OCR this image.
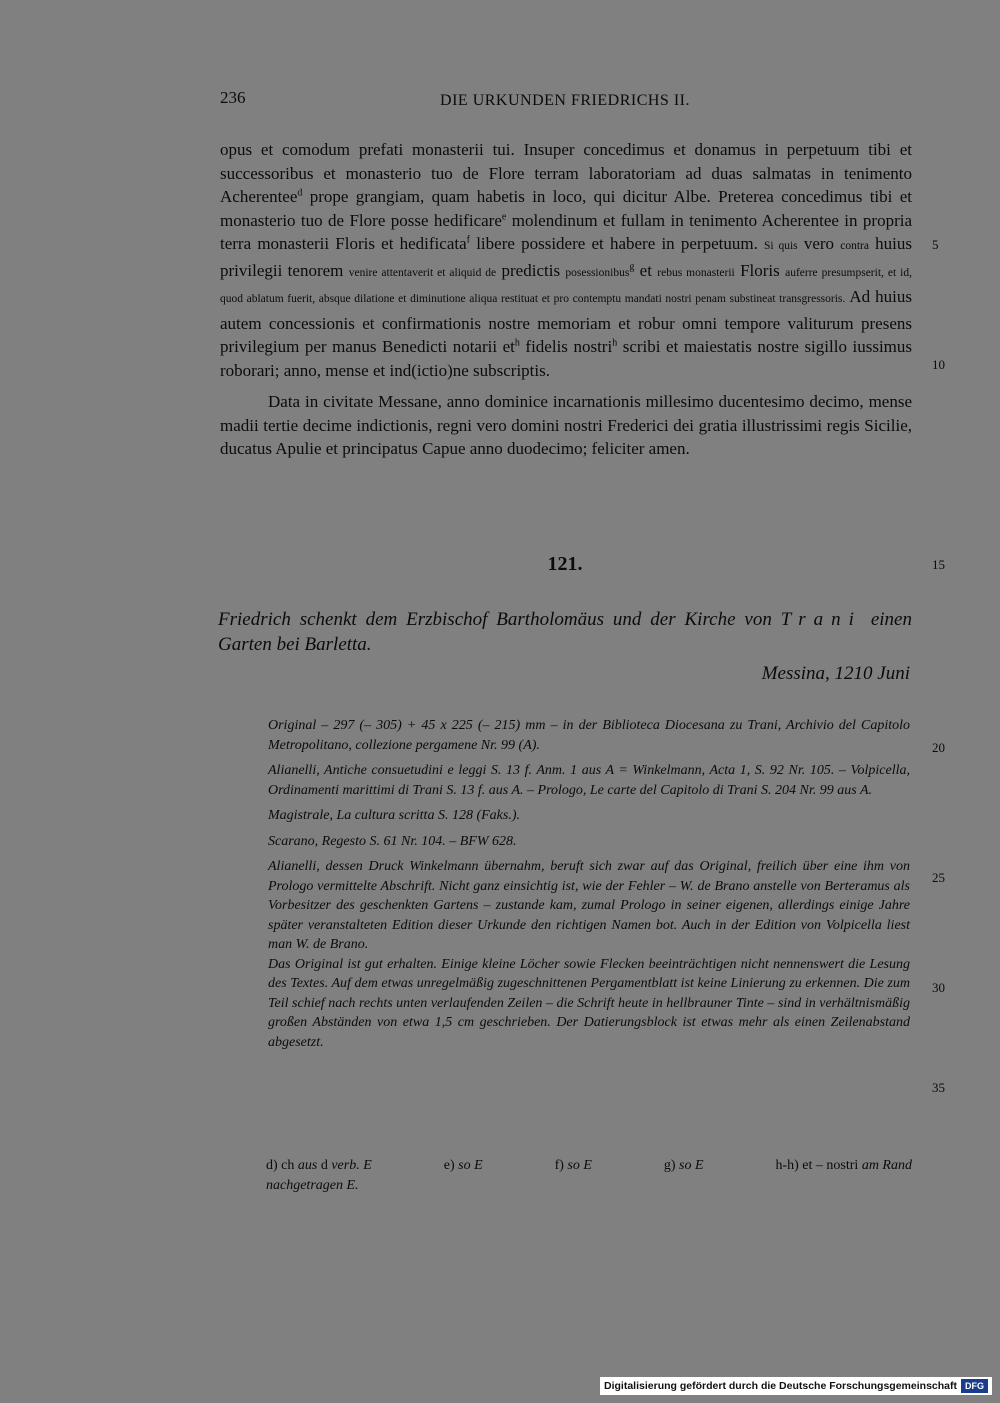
236	DIE URKUNDEN FRIEDRICHS II.

opus et comodum prefati monasterii tui. Insuper concedimus et donamus in perpetuum tibi et successoribus et monasterio tuo de Flore terram laboratoriam ad duas salmatas in tenimento Acherentee$^d$ prope grangiam, quam habetis in loco, qui dicitur Albe. Preterea concedimus tibi et monasterio tuo de Flore posse hedificare$^e$ molendinum et fullam in tenimento Acherentee in propria terra monasterii Floris et hedificata$^f$ libere possidere et habere in perpetuum. Si quis vero contra huius privilegii tenorem venire attentaverit et aliquid de predictis posessionibus$^g$ et rebus monasterii Floris auferre presumpserit, et id, quod ablatum fuerit, absque dilatione et diminutione aliqua restituat et pro contemptu mandati nostri penam substineat transgressoris. Ad huius autem concessionis et confirmationis nostre memoriam et robur omni tempore valiturum presens privilegium per manus Benedicti notarii $et^h$ fidelis nostri$^h$ scribi et maiestatis nostre sigillo iussimus roborari; anno, mense et ind(ictio)ne subscriptis.

Data in civitate Messane, anno dominice incarnationis millesimo ducentesimo decimo, mense madii tertie decime indictionis, regni vero domini nostri Frederici dei gratia illustrissimi regis Sicilie, ducatus Apulie et principatus Capue anno duodecimo; feliciter amen.

5
10
15
20
25
30
35
121.
Friedrich schenkt dem Erzbischof Bartholomäus und der Kirche von Trani einen Garten bei Barletta.
Messina, 1210 Juni

Original – 297 (– 305) + 45 x 225 (– 215) mm – in der Biblioteca Diocesana zu Trani, Archivio del Capitolo Metropolitano, collezione pergamene Nr. 99 (A).

Alianelli, Antiche consuetudini e leggi S. 13 f. Anm. 1 aus A = Winkelmann, Acta 1, S. 92 Nr. 105. – Volpicella, Ordinamenti marittimi di Trani S. 13 f. aus A. – Prologo, Le carte del Capitolo di Trani S. 204 Nr. 99 aus A.

Magistrale, La cultura scritta S. 128 (Faks.).

Scarano, Regesto S. 61 Nr. 104. – BFW 628.

Alianelli, dessen Druck Winkelmann übernahm, beruft sich zwar auf das Original, freilich über eine ihm von Prologo vermittelte Abschrift. Nicht ganz einsichtig ist, wie der Fehler – W. de Brano anstelle von Berteramus als Vorbesitzer des geschenkten Gartens – zustande kam, zumal Prologo in seiner eigenen, allerdings einige Jahre später veranstalteten Edition dieser Urkunde den richtigen Namen bot. Auch in der Edition von Volpicella liest man W. de Brano.

Das Original ist gut erhalten. Einige kleine Löcher sowie Flecken beeinträchtigen nicht nennenswert die Lesung des Textes. Auf dem etwas unregelmäßig zugeschnittenen Pergamentblatt ist keine Linierung zu erkennen. Die zum Teil schief nach rechts unten verlaufenden Zeilen – die Schrift heute in hellbrauner Tinte – sind in verhältnismäßig großen Abständen von etwa 1,5 cm geschrieben. Der Datierungsblock ist etwas mehr als einen Zeilenabstand abgesetzt.

d) ch aus d verb. E	e) so E	f) so E	g) so E	h-h) et – nostri am Rand
nachgetragen E.
Digitalisierung gefördert durch die Deutsche Forschungsgemeinschaft DFG
